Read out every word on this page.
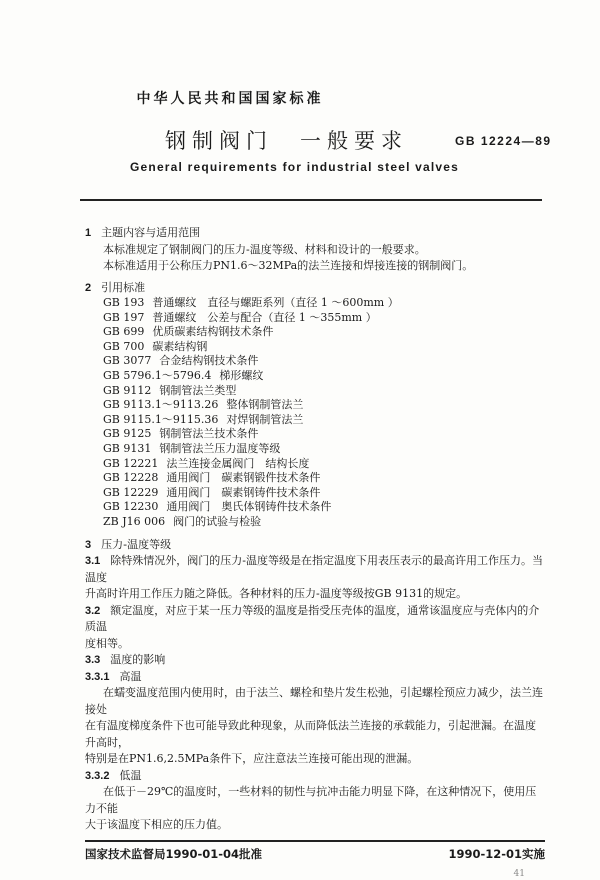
中华人民共和国国家标准
钢制阀门　一般要求	GB 12224—89
General requirements for industrial steel valves
1 主题内容与适用范围
本标准规定了钢制阀门的压力-温度等级、材料和设计的一般要求。
本标准适用于公称压力PN1.6～32MPa的法兰连接和焊接连接的钢制阀门。
2 引用标准
GB 193 普通螺纹　直径与螺距系列（直径 1 ～600mm ）
GB 197 普通螺纹　公差与配合（直径 1 ～355mm ）
GB 699 优质碳素结构钢技术条件
GB 700 碳素结构钢
GB 3077 合金结构钢技术条件
GB 5796.1～5796.4 梯形螺纹
GB 9112 钢制管法兰类型
GB 9113.1～9113.26 整体钢制管法兰
GB 9115.1～9115.36 对焊钢制管法兰
GB 9125 钢制管法兰技术条件
GB 9131 钢制管法兰压力温度等级
GB 12221 法兰连接金属阀门　结构长度
GB 12228 通用阀门　碳素钢锻件技术条件
GB 12229 通用阀门　碳素钢铸件技术条件
GB 12230 通用阀门　奥氏体钢铸件技术条件
ZB J16 006 阀门的试验与检验
3 压力-温度等级
3.1 除特殊情况外，阀门的压力-温度等级是在指定温度下用表压表示的最高许用工作压力。当温度
升高时许用工作压力随之降低。各种材料的压力-温度等级按GB 9131的规定。
3.2 额定温度，对应于某一压力等级的温度是指受压壳体的温度，通常该温度应与壳体内的介质温
度相等。
3.3 温度的影响
3.3.1 高温
在蠕变温度范围内使用时，由于法兰、螺栓和垫片发生松弛，引起螺栓预应力减少，法兰连接处
在有温度梯度条件下也可能导致此种现象，从而降低法兰连接的承载能力，引起泄漏。在温度升高时，
特别是在PN1.6,2.5MPa条件下，应注意法兰连接可能出现的泄漏。
3.3.2 低温
在低于－29℃的温度时，一些材料的韧性与抗冲击能力明显下降，在这种情况下，使用压力不能
大于该温度下相应的压力值。
国家技术监督局1990-01-04批准	1990-12-01实施
41
